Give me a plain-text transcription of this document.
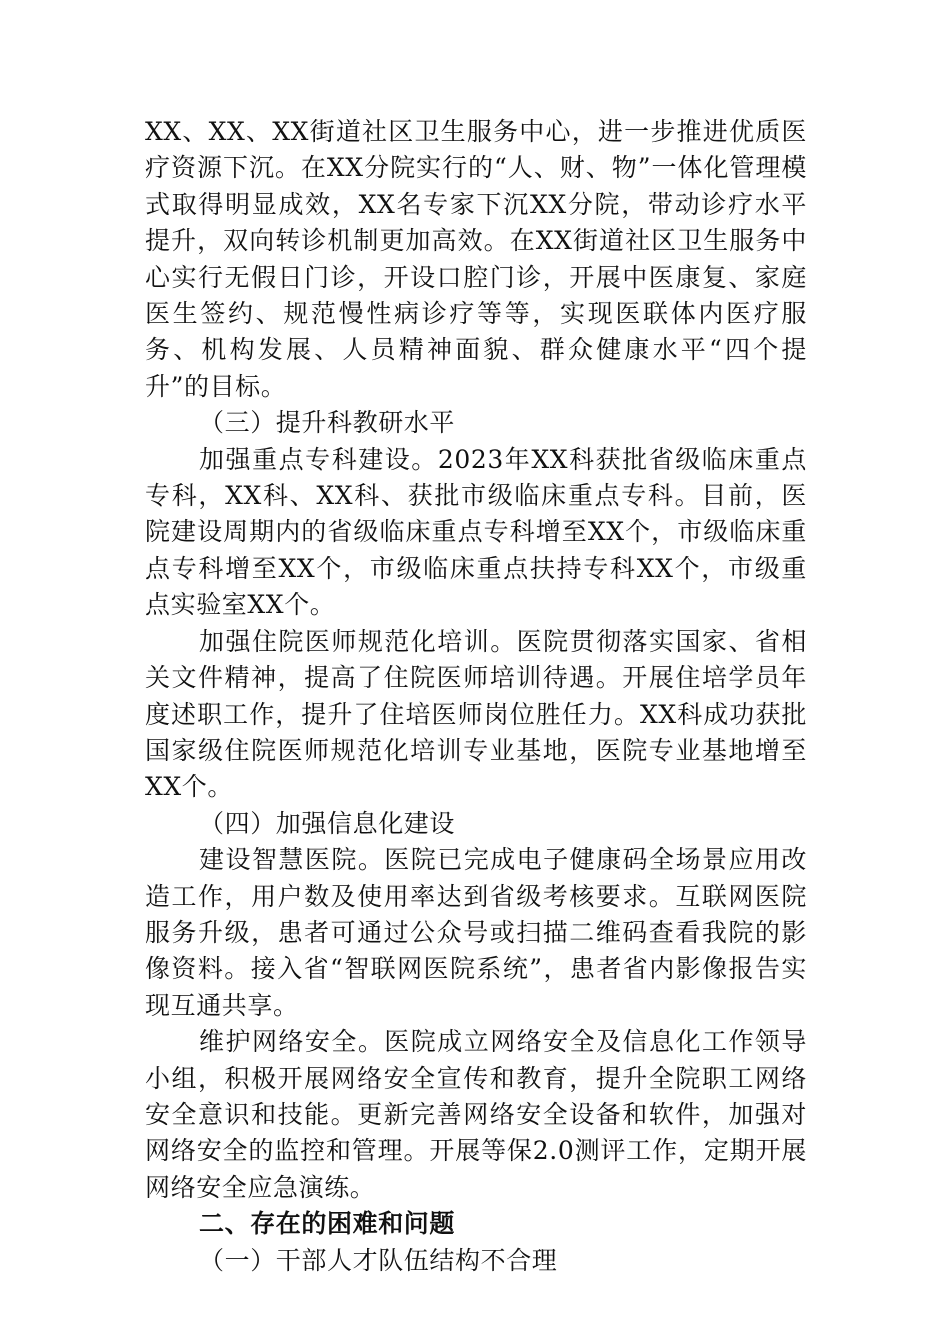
XX、XX、XX街道社区卫生服务中心，进一步推进优质医疗资源下沉。在XX分院实行的“人、财、物”一体化管理模式取得明显成效，XX名专家下沉XX分院，带动诊疗水平提升，双向转诊机制更加高效。在XX街道社区卫生服务中心实行无假日门诊，开设口腔门诊，开展中医康复、家庭医生签约、规范慢性病诊疗等等，实现医联体内医疗服务、机构发展、人员精神面貌、群众健康水平“四个提升”的目标。

（三）提升科教研水平

加强重点专科建设。2023年XX科获批省级临床重点专科，XX科、XX科、获批市级临床重点专科。目前，医院建设周期内的省级临床重点专科增至XX个，市级临床重点专科增至XX个，市级临床重点扶持专科XX个，市级重点实验室XX个。

加强住院医师规范化培训。医院贯彻落实国家、省相关文件精神，提高了住院医师培训待遇。开展住培学员年度述职工作，提升了住培医师岗位胜任力。XX科成功获批国家级住院医师规范化培训专业基地，医院专业基地增至XX个。

（四）加强信息化建设

建设智慧医院。医院已完成电子健康码全场景应用改造工作，用户数及使用率达到省级考核要求。互联网医院服务升级，患者可通过公众号或扫描二维码查看我院的影像资料。接入省“智联网医院系统”，患者省内影像报告实现互通共享。

维护网络安全。医院成立网络安全及信息化工作领导小组，积极开展网络安全宣传和教育，提升全院职工网络安全意识和技能。更新完善网络安全设备和软件，加强对网络安全的监控和管理。开展等保2.0测评工作，定期开展网络安全应急演练。

二、存在的困难和问题

（一）干部人才队伍结构不合理
